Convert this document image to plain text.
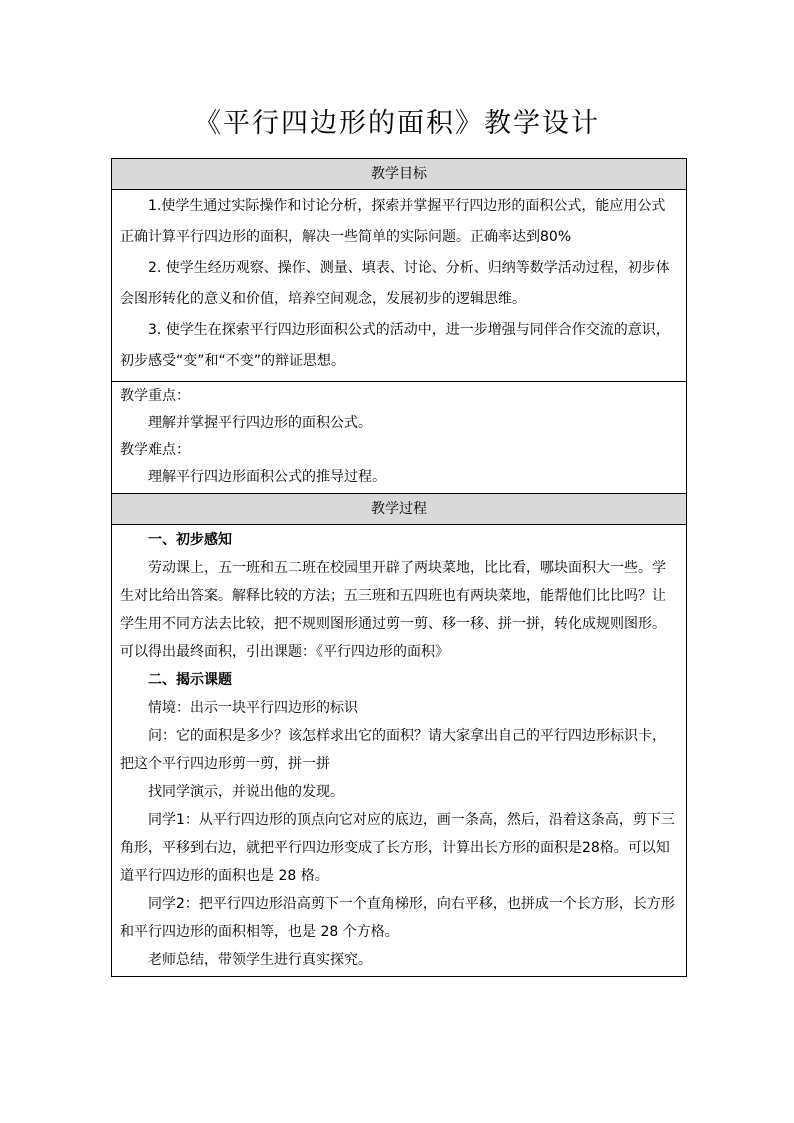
《平行四边形的面积》教学设计
教学目标

1.使学生通过实际操作和讨论分析，探索并掌握平行四边形的面积公式，能应用公式正确计算平行四边形的面积，解决一些简单的实际问题。正确率达到80%

2. 使学生经历观察、操作、测量、填表、讨论、分析、归纳等数学活动过程，初步体会图形转化的意义和价值，培养空间观念，发展初步的逻辑思维。

3. 使学生在探索平行四边形面积公式的活动中，进一步增强与同伴合作交流的意识，初步感受“变”和“不变”的辩证思想。

教学重点：

理解并掌握平行四边形的面积公式。

教学难点：

理解平行四边形面积公式的推导过程。

教学过程

一、初步感知

劳动课上，五一班和五二班在校园里开辟了两块菜地，比比看，哪块面积大一些。学生对比给出答案。解释比较的方法；五三班和五四班也有两块菜地，能帮他们比比吗？让学生用不同方法去比较，把不规则图形通过剪一剪、移一移、拼一拼，转化成规则图形。可以得出最终面积，引出课题：《平行四边形的面积》

二、揭示课题

情境：出示一块平行四边形的标识

问：它的面积是多少？该怎样求出它的面积？请大家拿出自己的平行四边形标识卡，把这个平行四边形剪一剪，拼一拼

找同学演示，并说出他的发现。

同学1：从平行四边形的顶点向它对应的底边，画一条高，然后，沿着这条高，剪下三角形，平移到右边，就把平行四边形变成了长方形，计算出长方形的面积是28格。可以知道平行四边形的面积也是 28 格。

同学2：把平行四边形沿高剪下一个直角梯形，向右平移，也拼成一个长方形，长方形和平行四边形的面积相等，也是 28 个方格。

老师总结，带领学生进行真实探究。
